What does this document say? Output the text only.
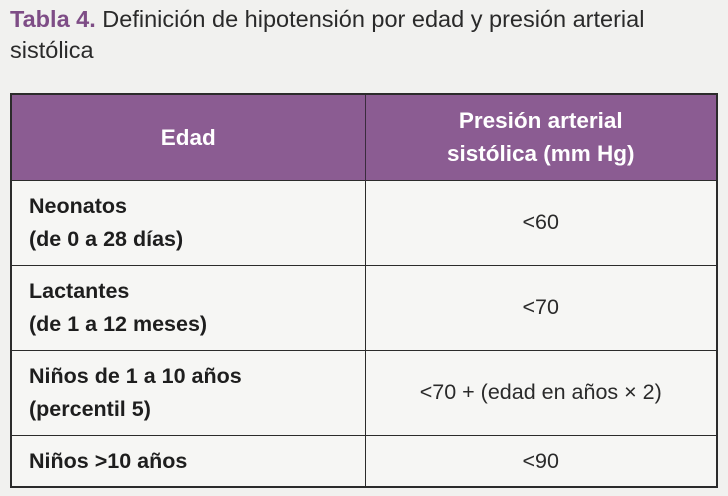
Tabla 4. Definición de hipotensión por edad y presión arterial sistólica
Edad	Presión arterial
sistólica (mm Hg)

Neonatos
(de 0 a 28 días)	<60

Lactantes
(de 1 a 12 meses)	<70

Niños de 1 a 10 años
(percentil 5)	<70 + (edad en años × 2)

Niños >10 años	<90
